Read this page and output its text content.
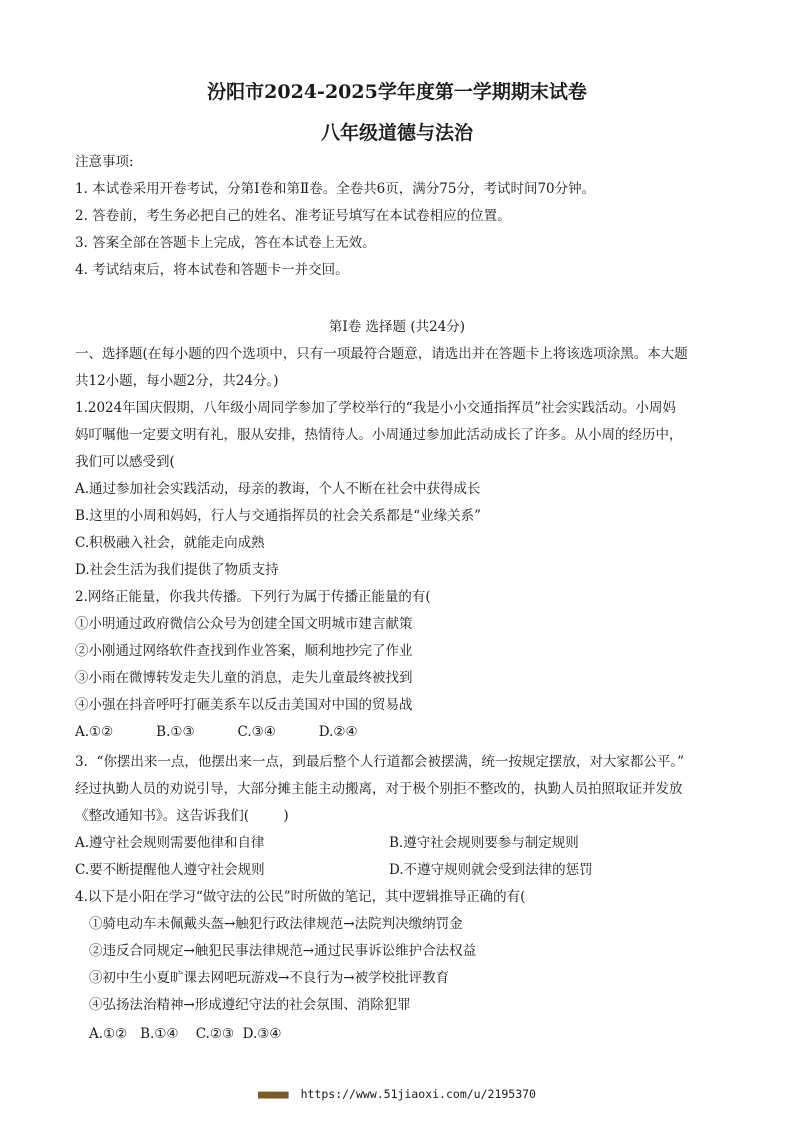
汾阳市2024-2025学年度第一学期期末试卷
八年级道德与法治
注意事项:
1. 本试卷采用开卷考试，分第Ⅰ卷和第Ⅱ卷。全卷共6页，满分75分，考试时间70分钟。
2. 答卷前，考生务必把自己的姓名、准考证号填写在本试卷相应的位置。
3. 答案全部在答题卡上完成，答在本试卷上无效。
4. 考试结束后，将本试卷和答题卡一并交回。
第Ⅰ卷 选择题 (共24分)
一、选择题(在每小题的四个选项中，只有一项最符合题意，请选出并在答题卡上将该选项涂黑。本大题
共12小题，每小题2分，共24分。)
1.2024年国庆假期，八年级小周同学参加了学校举行的“我是小小交通指挥员”社会实践活动。小周妈
妈叮嘱他一定要文明有礼，服从安排，热情待人。小周通过参加此活动成长了许多。从小周的经历中，
我们可以感受到(
A.通过参加社会实践活动，母亲的教诲，个人不断在社会中获得成长
B.这里的小周和妈妈，行人与交通指挥员的社会关系都是“业缘关系”
C.积极融入社会，就能走向成熟
D.社会生活为我们提供了物质支持
2.网络正能量，你我共传播。下列行为属于传播正能量的有(
①小明通过政府微信公众号为创建全国文明城市建言献策
②小刚通过网络软件查找到作业答案，顺利地抄完了作业
③小雨在微博转发走失儿童的消息，走失儿童最终被找到
④小强在抖音呼吁打砸美系车以反击美国对中国的贸易战
A.①②          B.①③          C.③④          D.②④
3.  “你摆出来一点，他摆出来一点，到最后整个人行道都会被摆满，统一按规定摆放，对大家都公平。”
经过执勤人员的劝说引导，大部分摊主能主动搬离，对于极个别拒不整改的，执勤人员拍照取证并发放
《整改通知书》。这告诉我们(        )
A.遵守社会规则需要他律和自律	B.遵守社会规则要参与制定规则
C.要不断提醒他人遵守社会规则	D.不遵守规则就会受到法律的惩罚
4.以下是小阳在学习“做守法的公民”时所做的笔记，其中逻辑推导正确的有(
①骑电动车未佩戴头盔→触犯行政法律规范→法院判决缴纳罚金
②违反合同规定→触犯民事法律规范→通过民事诉讼维护合法权益
③初中生小夏旷课去网吧玩游戏→不良行为→被学校批评教育
④弘扬法治精神→形成遵纪守法的社会氛围、消除犯罪
A.①②   B.①④    C.②③  D.③④
■■■■■ https://www.51jiaoxi.com/u/2195370
